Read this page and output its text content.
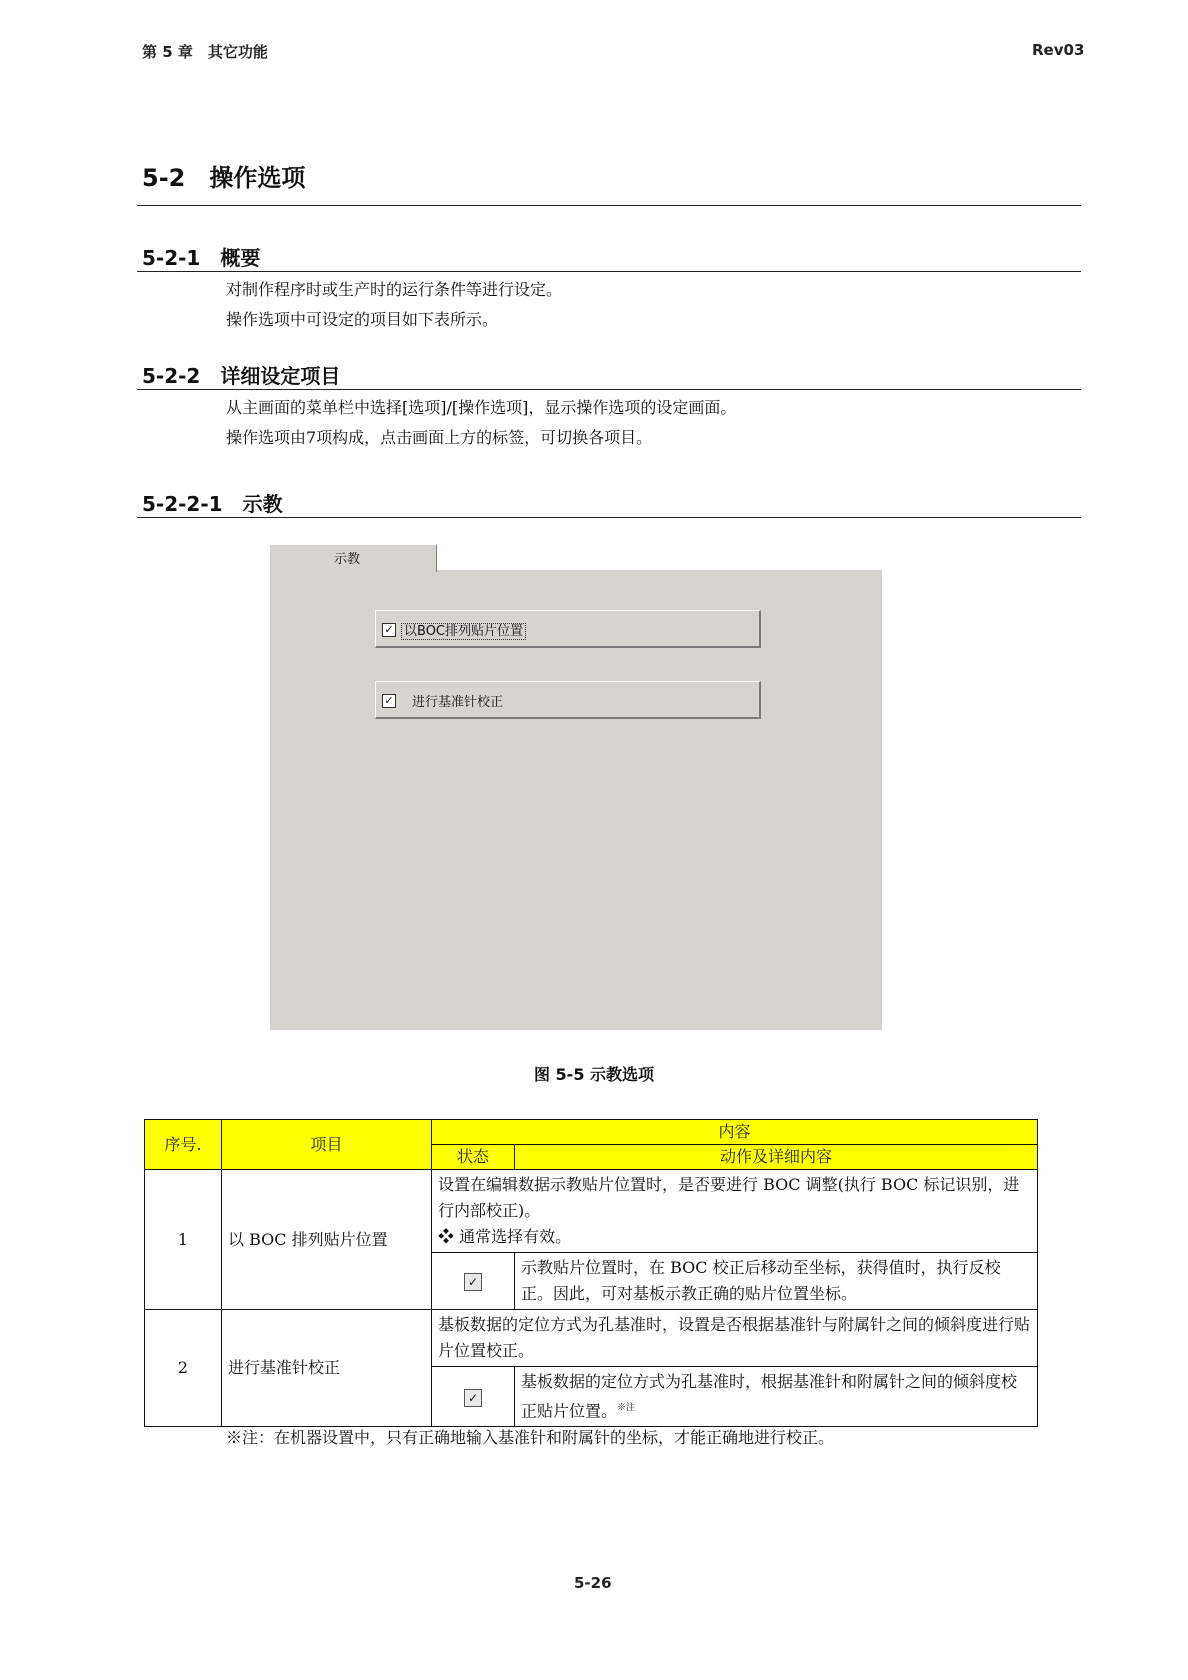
第 5 章　其它功能	Rev03
5-2　操作选项
5-2-1　概要
对制作程序时或生产时的运行条件等进行设定。
操作选项中可设定的项目如下表所示。
5-2-2　详细设定项目
从主画面的菜单栏中选择[选项]/[操作选项]，显示操作选项的设定画面。
操作选项由7项构成，点击画面上方的标签，可切换各项目。
5-2-2-1　示教
示教
✓ 以BOC排列贴片位置
✓ 进行基准针校正
图 5-5 示教选项
序号.	项目	内容	
		状态	动作及详细内容
1	以 BOC 排列贴片位置	设置在编辑数据示教贴片位置时，是否要进行 BOC 调整(执行 BOC 标记识别，进行内部校正)。
❖ 通常选择有效。	

		✓	示教贴片位置时，在 BOC 校正后移动至坐标，获得值时，执行反校正。因此，可对基板示教正确的贴片位置坐标。
2	进行基准针校正	基板数据的定位方式为孔基准时，设置是否根据基准针与附属针之间的倾斜度进行贴片位置校正。	
		✓	基板数据的定位方式为孔基准时，根据基准针和附属针之间的倾斜度校正贴片位置。$^{※注}$
※注：在机器设置中，只有正确地输入基准针和附属针的坐标，才能正确地进行校正。
5-26
